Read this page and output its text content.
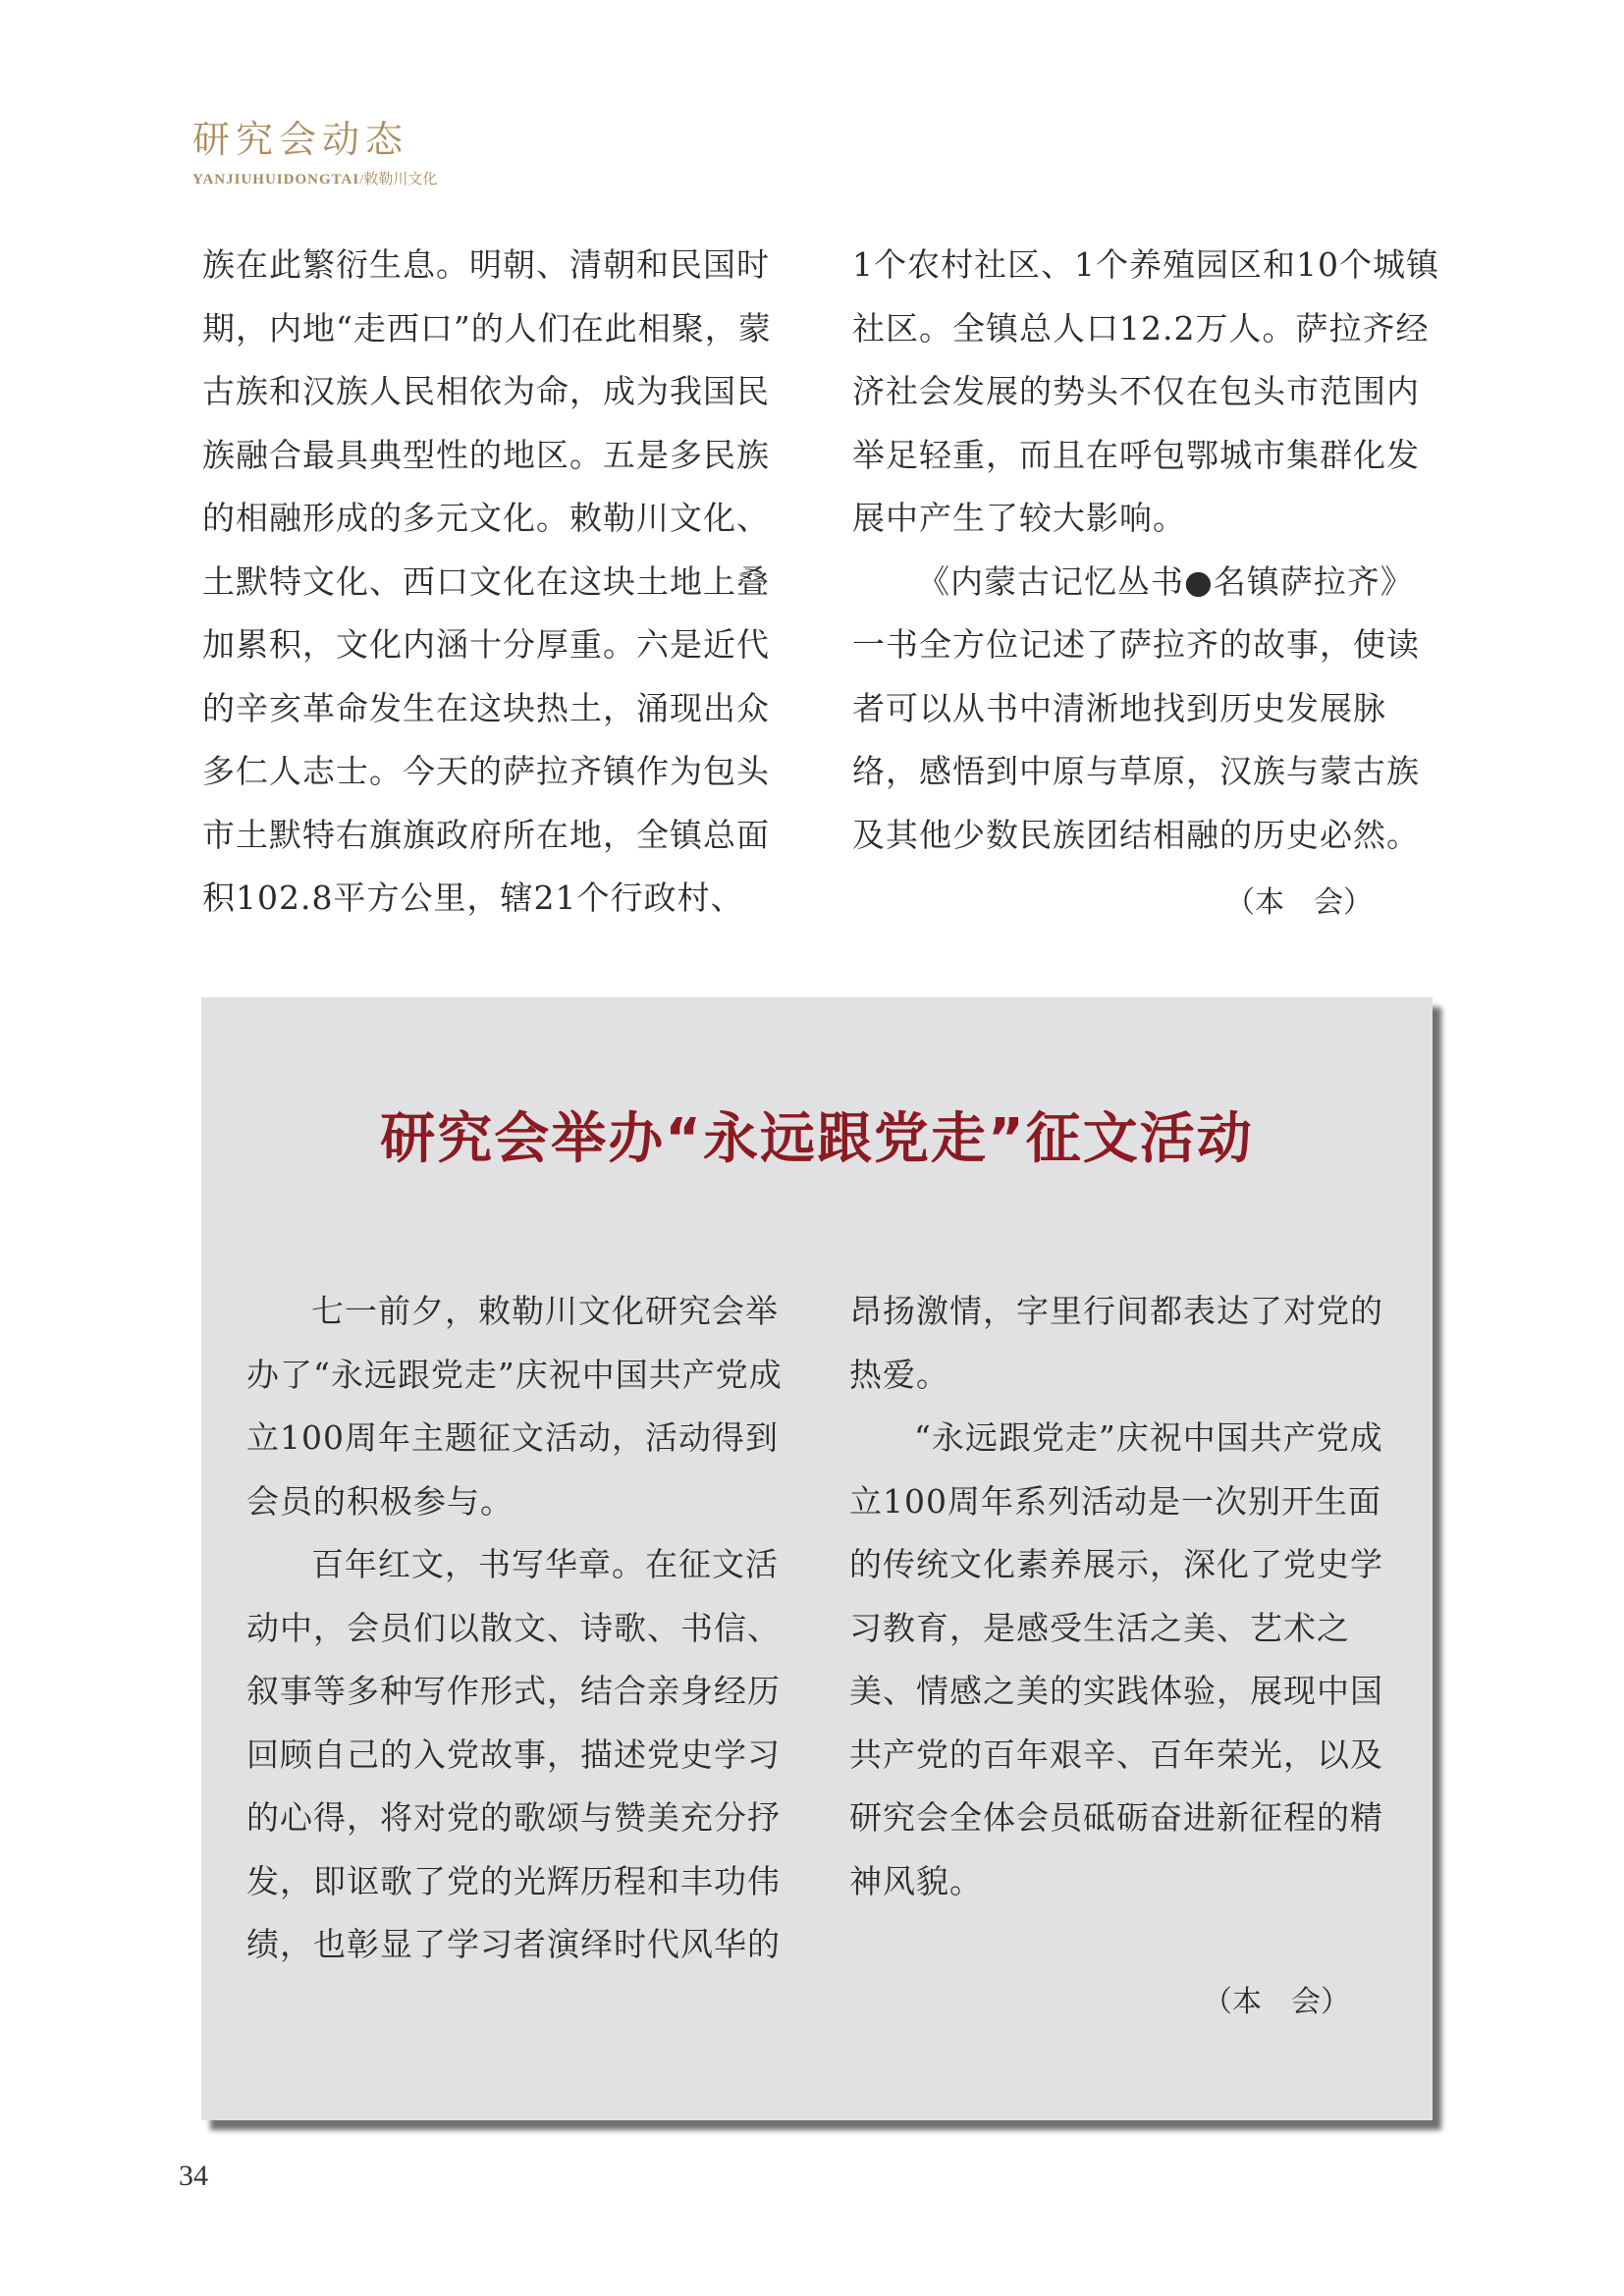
研究会动态
YANJIUHUIDONGTAI/敕勒川文化

族在此繁衍生息。明朝、清朝和民国时期，内地“走西口”的人们在此相聚，蒙古族和汉族人民相依为命，成为我国民族融合最具典型性的地区。五是多民族的相融形成的多元文化。敕勒川文化、土默特文化、西口文化在这块土地上叠加累积，文化内涵十分厚重。六是近代的辛亥革命发生在这块热土，涌现出众多仁人志士。今天的萨拉齐镇作为包头市土默特右旗旗政府所在地，全镇总面积102.8平方公里，辖21个行政村、

1个农村社区、1个养殖园区和10个城镇社区。全镇总人口12.2万人。萨拉齐经济社会发展的势头不仅在包头市范围内举足轻重，而且在呼包鄂城市集群化发展中产生了较大影响。

《内蒙古记忆丛书●名镇萨拉齐》一书全方位记述了萨拉齐的故事，使读者可以从书中清淅地找到历史发展脉络，感悟到中原与草原，汉族与蒙古族及其他少数民族团结相融的历史必然。

（本　会）
研究会举办“永远跟党走”征文活动

七一前夕，敕勒川文化研究会举办了“永远跟党走”庆祝中国共产党成立100周年主题征文活动，活动得到会员的积极参与。

百年红文，书写华章。在征文活动中，会员们以散文、诗歌、书信、叙事等多种写作形式，结合亲身经历回顾自己的入党故事，描述党史学习的心得，将对党的歌颂与赞美充分抒发，即讴歌了党的光辉历程和丰功伟绩，也彰显了学习者演绎时代风华的

昂扬激情，字里行间都表达了对党的热爱。

“永远跟党走”庆祝中国共产党成立100周年系列活动是一次别开生面的传统文化素养展示，深化了党史学习教育，是感受生活之美、艺术之美、情感之美的实践体验，展现中国共产党的百年艰辛、百年荣光，以及研究会全体会员砥砺奋进新征程的精神风貌。

（本　会）
34
